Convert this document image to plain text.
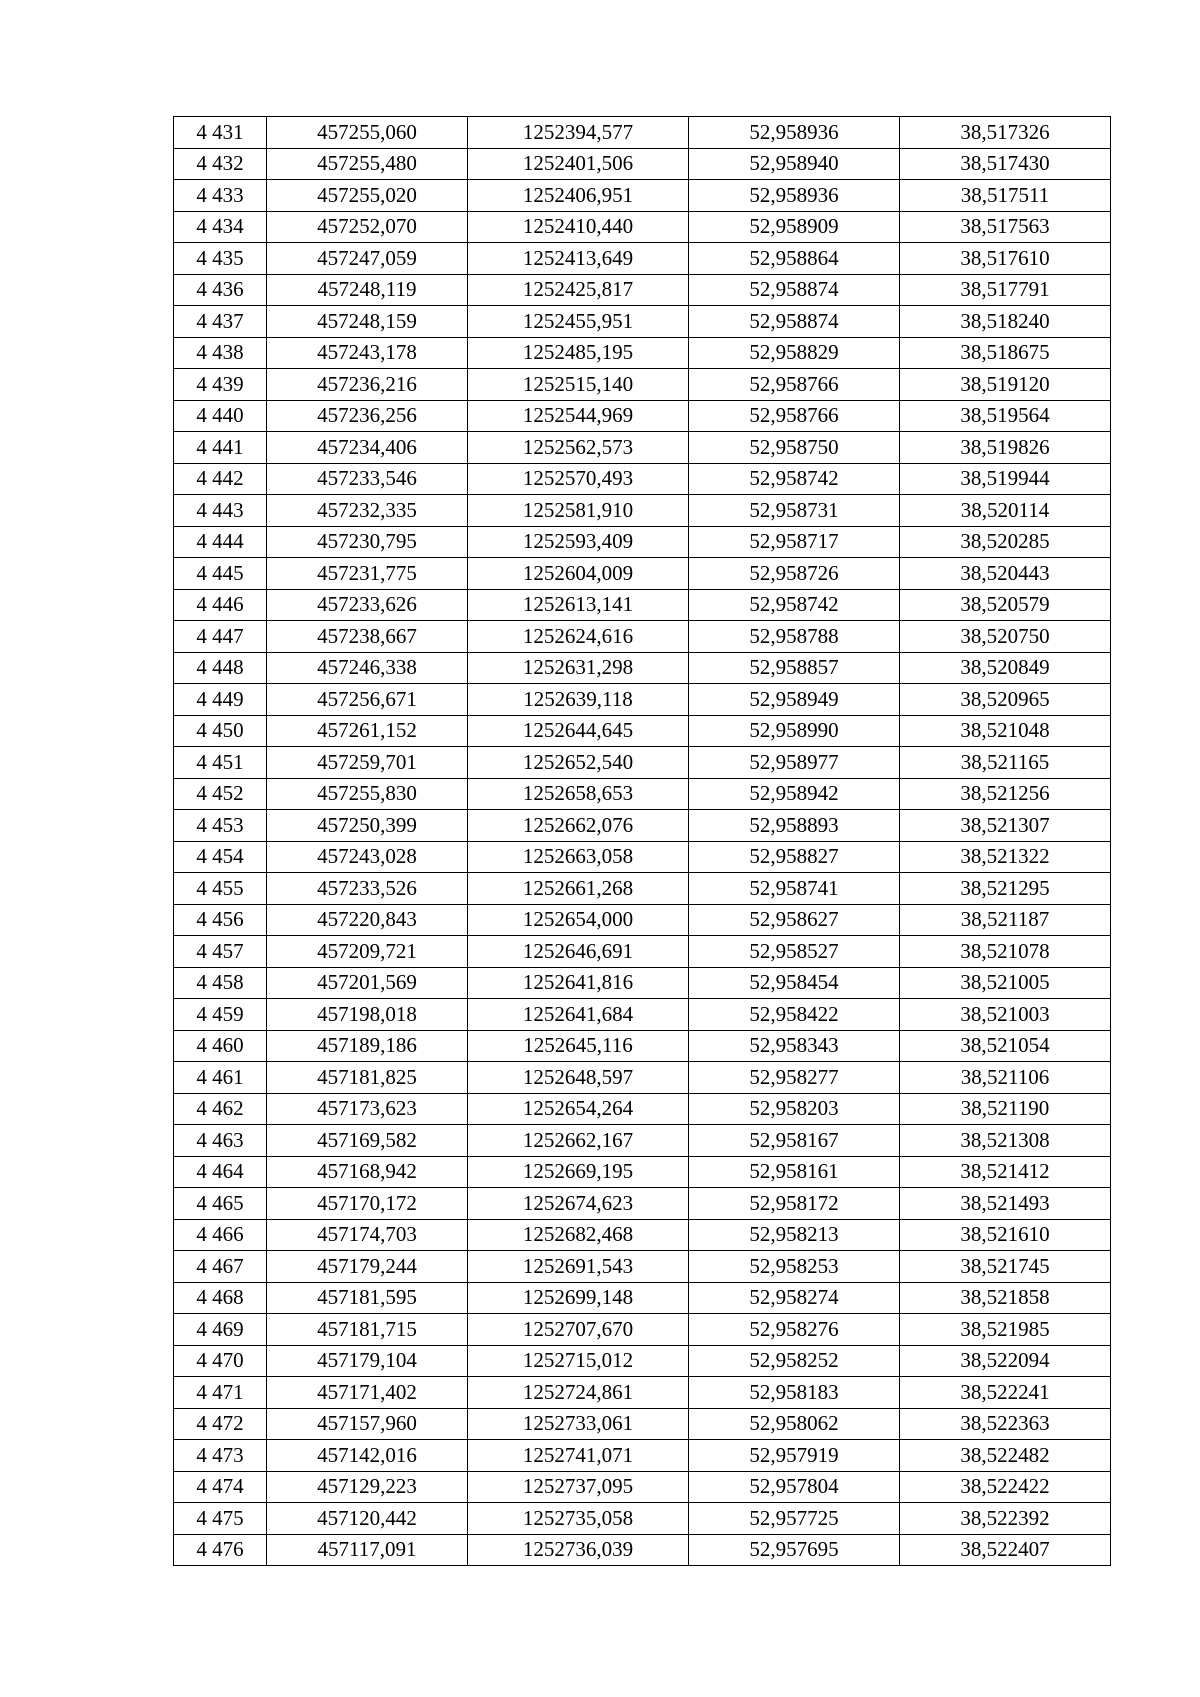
4 431	457255,060	1252394,577	52,958936	38,517326
4 432	457255,480	1252401,506	52,958940	38,517430
4 433	457255,020	1252406,951	52,958936	38,517511
4 434	457252,070	1252410,440	52,958909	38,517563
4 435	457247,059	1252413,649	52,958864	38,517610
4 436	457248,119	1252425,817	52,958874	38,517791
4 437	457248,159	1252455,951	52,958874	38,518240
4 438	457243,178	1252485,195	52,958829	38,518675
4 439	457236,216	1252515,140	52,958766	38,519120
4 440	457236,256	1252544,969	52,958766	38,519564
4 441	457234,406	1252562,573	52,958750	38,519826
4 442	457233,546	1252570,493	52,958742	38,519944
4 443	457232,335	1252581,910	52,958731	38,520114
4 444	457230,795	1252593,409	52,958717	38,520285
4 445	457231,775	1252604,009	52,958726	38,520443
4 446	457233,626	1252613,141	52,958742	38,520579
4 447	457238,667	1252624,616	52,958788	38,520750
4 448	457246,338	1252631,298	52,958857	38,520849
4 449	457256,671	1252639,118	52,958949	38,520965
4 450	457261,152	1252644,645	52,958990	38,521048
4 451	457259,701	1252652,540	52,958977	38,521165
4 452	457255,830	1252658,653	52,958942	38,521256
4 453	457250,399	1252662,076	52,958893	38,521307
4 454	457243,028	1252663,058	52,958827	38,521322
4 455	457233,526	1252661,268	52,958741	38,521295
4 456	457220,843	1252654,000	52,958627	38,521187
4 457	457209,721	1252646,691	52,958527	38,521078
4 458	457201,569	1252641,816	52,958454	38,521005
4 459	457198,018	1252641,684	52,958422	38,521003
4 460	457189,186	1252645,116	52,958343	38,521054
4 461	457181,825	1252648,597	52,958277	38,521106
4 462	457173,623	1252654,264	52,958203	38,521190
4 463	457169,582	1252662,167	52,958167	38,521308
4 464	457168,942	1252669,195	52,958161	38,521412
4 465	457170,172	1252674,623	52,958172	38,521493
4 466	457174,703	1252682,468	52,958213	38,521610
4 467	457179,244	1252691,543	52,958253	38,521745
4 468	457181,595	1252699,148	52,958274	38,521858
4 469	457181,715	1252707,670	52,958276	38,521985
4 470	457179,104	1252715,012	52,958252	38,522094
4 471	457171,402	1252724,861	52,958183	38,522241
4 472	457157,960	1252733,061	52,958062	38,522363
4 473	457142,016	1252741,071	52,957919	38,522482
4 474	457129,223	1252737,095	52,957804	38,522422
4 475	457120,442	1252735,058	52,957725	38,522392
4 476	457117,091	1252736,039	52,957695	38,522407
